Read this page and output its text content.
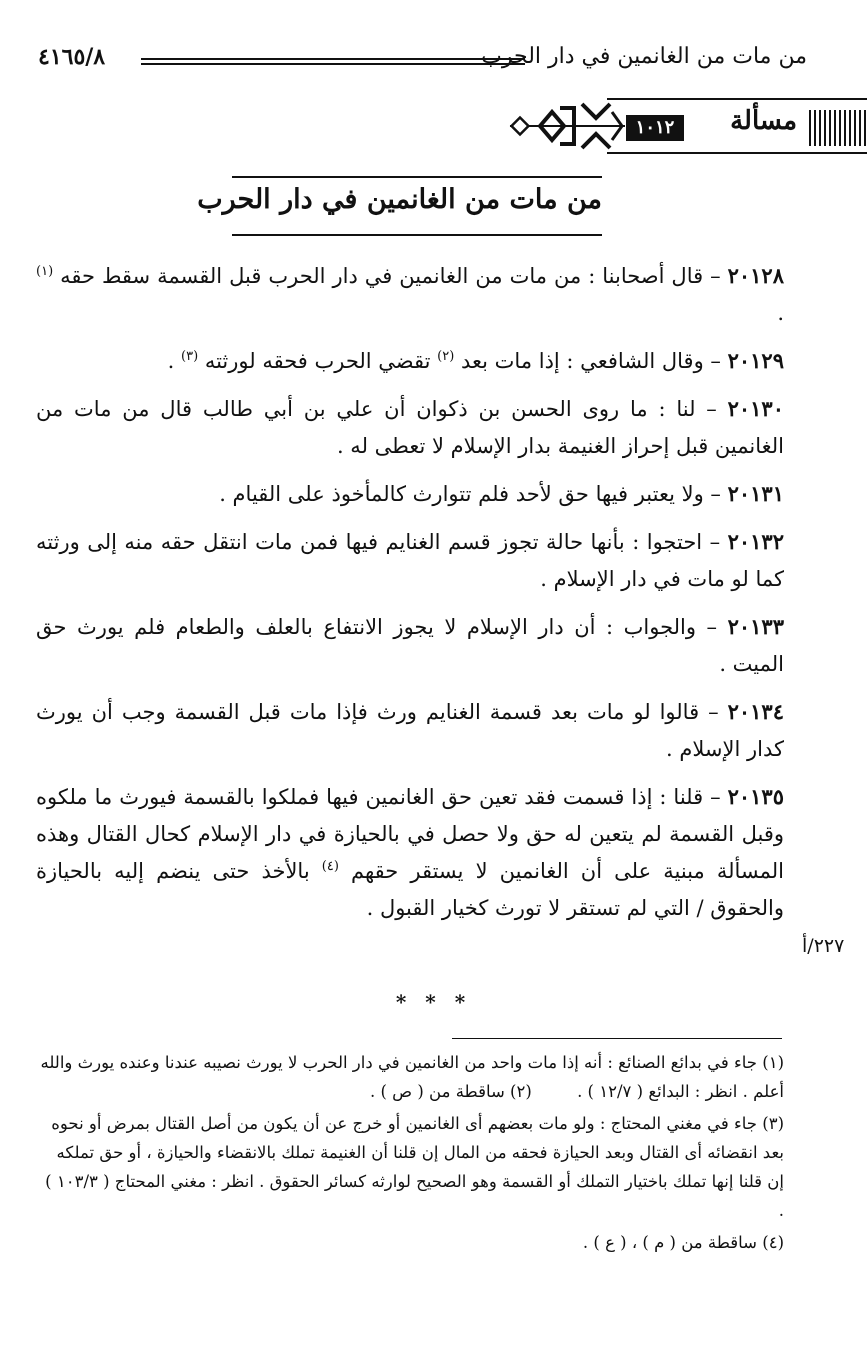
من مات من الغانمين في دار الحرب
٤١٦٥/٨
مسألة
١٠١٢
من مات من الغانمين في دار الحرب

٢٠١٢٨ – قال أصحابنا : من مات من الغانمين في دار الحرب قبل القسمة سقط حقه $^{(١)}$ .

٢٠١٢٩ – وقال الشافعي : إذا مات بعد $^{(٢)}$ تقضي الحرب فحقه لورثته $^{(٣)}$ .

٢٠١٣٠ – لنا : ما روى الحسن بن ذكوان أن علي بن أبي طالب قال من مات من الغانمين قبل إحراز الغنيمة بدار الإسلام لا تعطى له .

٢٠١٣١ – ولا يعتبر فيها حق لأحد فلم تتوارث كالمأخوذ على القيام .

٢٠١٣٢ – احتجوا : بأنها حالة تجوز قسم الغنايم فيها فمن مات انتقل حقه منه إلى ورثته كما لو مات في دار الإسلام .

٢٠١٣٣ – والجواب : أن دار الإسلام لا يجوز الانتفاع بالعلف والطعام فلم يورث حق الميت .

٢٠١٣٤ – قالوا لو مات بعد قسمة الغنايم ورث فإذا مات قبل القسمة وجب أن يورث كدار الإسلام .

٢٠١٣٥ – قلنا : إذا قسمت فقد تعين حق الغانمين فيها فملكوا بالقسمة فيورث ما ملكوه وقبل القسمة لم يتعين له حق ولا حصل في بالحيازة في دار الإسلام كحال القتال وهذه المسألة مبنية على أن الغانمين لا يستقر حقهم $^{(٤)}$ بالأخذ حتى ينضم إليه بالحيازة والحقوق / التي لم تستقر لا تورث كخيار القبول .

٢٢٧/أ
* * *

(١) جاء في بدائع الصنائع : أنه إذا مات واحد من الغانمين في دار الحرب لا يورث نصيبه عندنا وعنده يورث والله أعلم . انظر : البدائع ( ١٢/٧ ) . (٢) ساقطة من ( ص ) .

(٣) جاء في مغني المحتاج : ولو مات بعضهم أى الغانمين أو خرج عن أن يكون من أصل القتال بمرض أو نحوه بعد انقضائه أى القتال وبعد الحيازة فحقه من المال إن قلنا أن الغنيمة تملك بالانقضاء والحيازة ، أو حق تملكه إن قلنا إنها تملك باختيار التملك أو القسمة وهو الصحيح لوارثه كسائر الحقوق . انظر : مغني المحتاج ( ١٠٣/٣ ) .

(٤) ساقطة من ( م ) ، ( ع ) .
